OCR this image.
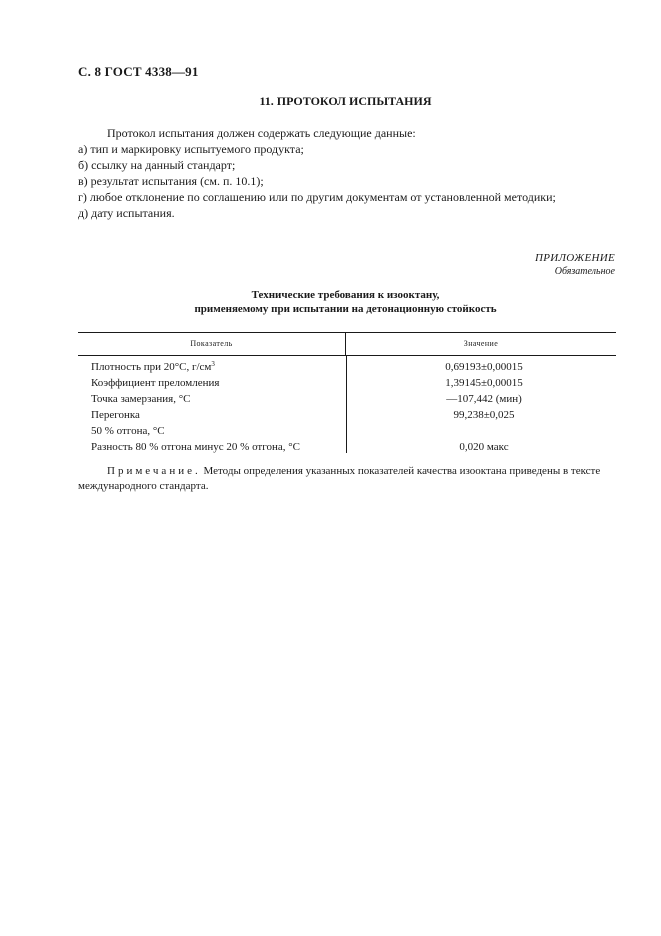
С. 8 ГОСТ 4338—91
11. ПРОТОКОЛ ИСПЫТАНИЯ
Протокол испытания должен содержать следующие данные:
а) тип и маркировку испытуемого продукта;
б) ссылку на данный стандарт;
в) результат испытания (см. п. 10.1);
г) любое отклонение по соглашению или по другим документам от установленной методики;
д) дату испытания.
ПРИЛОЖЕНИЕ
Обязательное
Технические требования к изооктану,
применяемому при испытании на детонационную стойкость
Показатель	Значение
Плотность при 20°С, $г/см^3$	0,69193±0,00015
Коэффициент преломления	1,39145±0,00015
Точка замерзания, °С	—107,442 (мин)
Перегонка	99,238±0,025
50 % отгона, °С
Разность 80 % отгона минус 20 % отгона, °С	0,020 макс
Примечание. Методы определения указанных показателей качества изооктана приведены в тексте международного стандарта.
